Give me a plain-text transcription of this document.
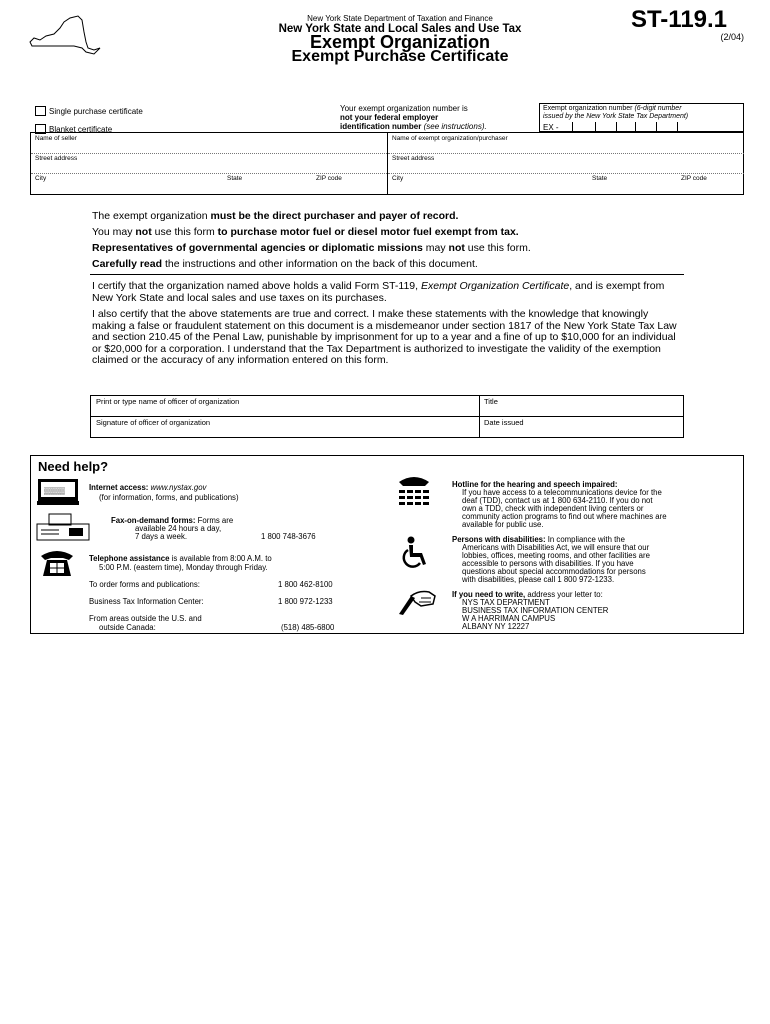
New York State Department of Taxation and Finance
New York State and Local Sales and Use Tax
Exempt Organization
Exempt Purchase Certificate
ST-119.1
(2/04)
Single purchase certificate
Blanket certificate
Your exempt organization number is
not your federal employer
identification number (see instructions).
Exempt organization number (6-digit number
issued by the New York State Tax Department)
EX -
Name of seller
Street address
City	State	ZIP code
Name of exempt organization/purchaser
Street address
City	State	ZIP code
The exempt organization must be the direct purchaser and payer of record.
You may not use this form to purchase motor fuel or diesel motor fuel exempt from tax.
Representatives of governmental agencies or diplomatic missions may not use this form.
Carefully read the instructions and other information on the back of this document.
I certify that the organization named above holds a valid Form ST-119, Exempt Organization Certificate, and is exempt from New York State and local sales and use taxes on its purchases.
I also certify that the above statements are true and correct. I make these statements with the knowledge that knowingly making a false or fraudulent statement on this document is a misdemeanor under section 1817 of the New York State Tax Law and section 210.45 of the Penal Law, punishable by imprisonment for up to a year and a fine of up to $10,000 for an individual or $20,000 for a corporation. I understand that the Tax Department is authorized to investigate the validity of the exemption claimed or the accuracy of any information entered on this form.
Print or type name of officer of organization	Title
Signature of officer of organization	Date issued
Need help?
▒▒▒▒▒	Internet access: www.nystax.gov
(for information, forms, and publications)
Fax-on-demand forms: Forms are
available 24 hours a day,
7 days a week.	1 800 748-3676
Telephone assistance is available from 8:00 A.M. to
5:00 P.M. (eastern time), Monday through Friday.
To order forms and publications:	1 800 462-8100
Business Tax Information Center:	1 800 972-1233
From areas outside the U.S. and
outside Canada:	(518) 485-6800
Hotline for the hearing and speech impaired:
If you have access to a telecommunications device for the
deaf (TDD), contact us at 1 800 634-2110. If you do not
own a TDD, check with independent living centers or
community action programs to find out where machines are
available for public use.
Persons with disabilities: In compliance with the
Americans with Disabilities Act, we will ensure that our
lobbies, offices, meeting rooms, and other facilities are
accessible to persons with disabilities. If you have
questions about special accommodations for persons
with disabilities, please call 1 800 972-1233.
If you need to write, address your letter to:
NYS TAX DEPARTMENT
BUSINESS TAX INFORMATION CENTER
W A HARRIMAN CAMPUS
ALBANY NY 12227
